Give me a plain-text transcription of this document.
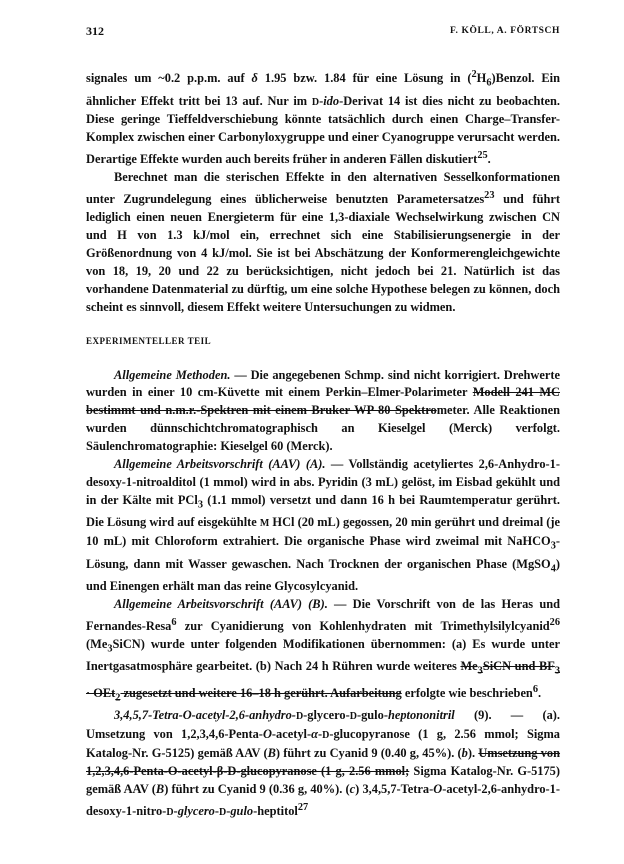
312	F. KÖLL, A. FÖRTSCH

signales um ~0.2 p.p.m. auf δ 1.95 bzw. 1.84 für eine Lösung in $(^2H_6)Benzol$. Ein ähnlicher Effekt tritt bei 13 auf. Nur im D-ido-Derivat 14 ist dies nicht zu beobachten. Diese geringe Tieffeldverschiebung könnte tatsächlich durch einen Charge–Transfer-Komplex zwischen einer Carbonyloxygruppe und einer Cyanogruppe verursacht werden. Derartige Effekte wurden auch bereits früher in anderen Fällen diskutiert$^{25}$.

Berechnet man die sterischen Effekte in den alternativen Sesselkonformationen unter Zugrundelegung eines üblicherweise benutzten Parametersatzes$^{23}$ und führt lediglich einen neuen Energieterm für eine 1,3-diaxiale Wechselwirkung zwischen CN und H von 1.3 kJ/mol ein, errechnet sich eine Stabilisierungsenergie in der Größenordnung von 4 kJ/mol. Sie ist bei Abschätzung der Konformerengleichgewichte von 18, 19, 20 und 22 zu berücksichtigen, nicht jedoch bei 21. Natürlich ist das vorhandene Datenmaterial zu dürftig, um eine solche Hypothese belegen zu können, doch scheint es sinnvoll, diesem Effekt weitere Untersuchungen zu widmen.

EXPERIMENTELLER TEIL

Allgemeine Methoden. — Die angegebenen Schmp. sind nicht korrigiert. Drehwerte wurden in einer 10 cm-Küvette mit einem Perkin–Elmer-Polarimeter Modell 241 MC bestimmt und n.m.r.-Spektren mit einem Bruker WP 80 Spektrometer. Alle Reaktionen wurden dünnschichtchromatographisch an Kieselgel (Merck) verfolgt. Säulenchromatographie: Kieselgel 60 (Merck).

Allgemeine Arbeitsvorschrift (AAV) (A). — Vollständig acetyliertes 2,6-Anhydro-1-desoxy-1-nitroalditol (1 mmol) wird in abs. Pyridin (3 mL) gelöst, im Eisbad gekühlt und in der Kälte mit PCl$_3$ (1.1 mmol) versetzt und dann 16 h bei Raumtemperatur gerührt. Die Lösung wird auf eisgekühlte M HCl (20 mL) gegossen, 20 min gerührt und dreimal (je 10 mL) mit Chloroform extrahiert. Die organische Phase wird zweimal mit NaHCO$_3$-Lösung, dann mit Wasser gewaschen. Nach Trocknen der organischen Phase (MgSO$_4$) und Einengen erhält man das reine Glycosylcyanid.

Allgemeine Arbeitsvorschrift (AAV) (B). — Die Vorschrift von de las Heras und Fernandes-Resa$^6$ zur Cyanidierung von Kohlenhydraten mit Trimethylsilylcyanid$^{26}$ $(Me_3SiCN)$ wurde unter folgenden Modifikationen übernommen: (a) Es wurde unter Inertgasatmosphäre gearbeitet. (b) Nach 24 h Rühren wurde weiteres $Me_3SiCN$ und $BF_3 \cdot OEt_2$ zugesetzt und weitere 16–18 h gerührt. Aufarbeitung erfolgte wie beschrieben$^6$.

3,4,5,7-Tetra-O-acetyl-2,6-anhydro-D-glycero-D-gulo-heptononitril (9). — (a). Umsetzung von 1,2,3,4,6-Penta-O-acetyl-α-D-glucopyranose (1 g, 2.56 mmol; Sigma Katalog-Nr. G-5125) gemäß AAV (B) führt zu Cyanid 9 (0.40 g, 45%). (b). Umsetzung von 1,2,3,4,6-Penta-O-acetyl-β-D-glucopyranose (1 g, 2.56 mmol; Sigma Katalog-Nr. G-5175) gemäß AAV (B) führt zu Cyanid 9 (0.36 g, 40%). (c) 3,4,5,7-Tetra-O-acetyl-2,6-anhydro-1-desoxy-1-nitro-D-glycero-D-gulo-heptitol$^{27}$
